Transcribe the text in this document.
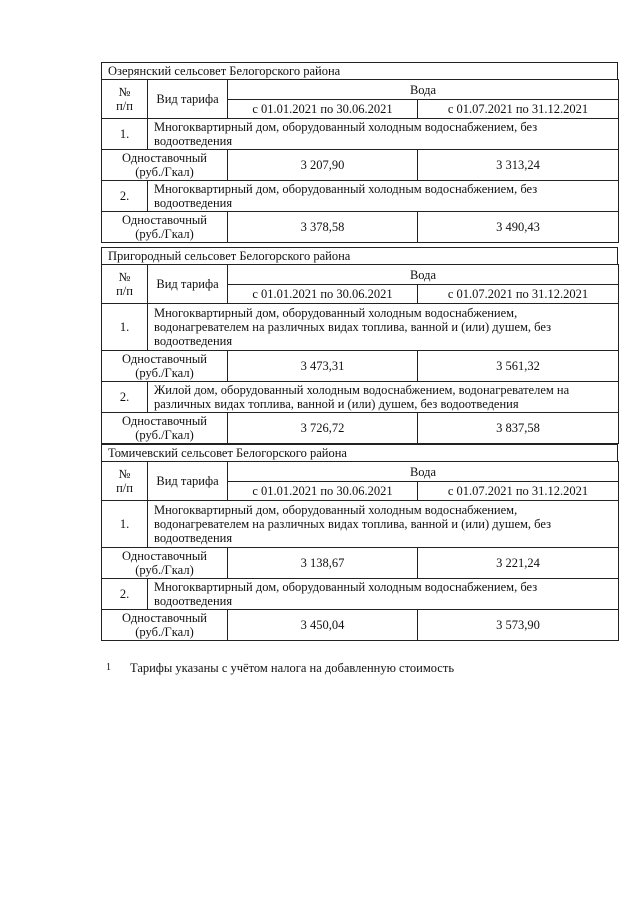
1 Тарифы указаны с учётом налога на добавленную стоимость
Озерянский сельсовет Белогорского района
№
п/п	Вид тарифа	Вода	
		с 01.01.2021 по 30.06.2021	с 01.07.2021 по 31.12.2021
1.	Многоквартирный дом, оборудованный холодным водоснабжением, без
водоотведения		

Одноставочный
(руб./Гкал)		3 207,90	3 313,24
2.	Многоквартирный дом, оборудованный холодным водоснабжением, без
водоотведения		

Одноставочный
(руб./Гкал)		3 378,58	3 490,43
Пригородный сельсовет Белогорского района
№
п/п	Вид тарифа	Вода	
		с 01.01.2021 по 30.06.2021	с 01.07.2021 по 31.12.2021
1.	Многоквартирный дом, оборудованный холодным водоснабжением,
водонагревателем на различных видах топлива, ванной и (или) душем, без
водоотведения		

Одноставочный
(руб./Гкал)		3 473,31	3 561,32
2.	Жилой дом, оборудованный холодным водоснабжением, водонагревателем на
различных видах топлива, ванной и (или) душем, без водоотведения		

Одноставочный
(руб./Гкал)		3 726,72	3 837,58
Томичевский сельсовет Белогорского района
№
п/п	Вид тарифа	Вода	
		с 01.01.2021 по 30.06.2021	с 01.07.2021 по 31.12.2021
1.	Многоквартирный дом, оборудованный холодным водоснабжением,
водонагревателем на различных видах топлива, ванной и (или) душем, без
водоотведения		

Одноставочный
(руб./Гкал)		3 138,67	3 221,24
2.	Многоквартирный дом, оборудованный холодным водоснабжением, без
водоотведения		

Одноставочный
(руб./Гкал)		3 450,04	3 573,90
